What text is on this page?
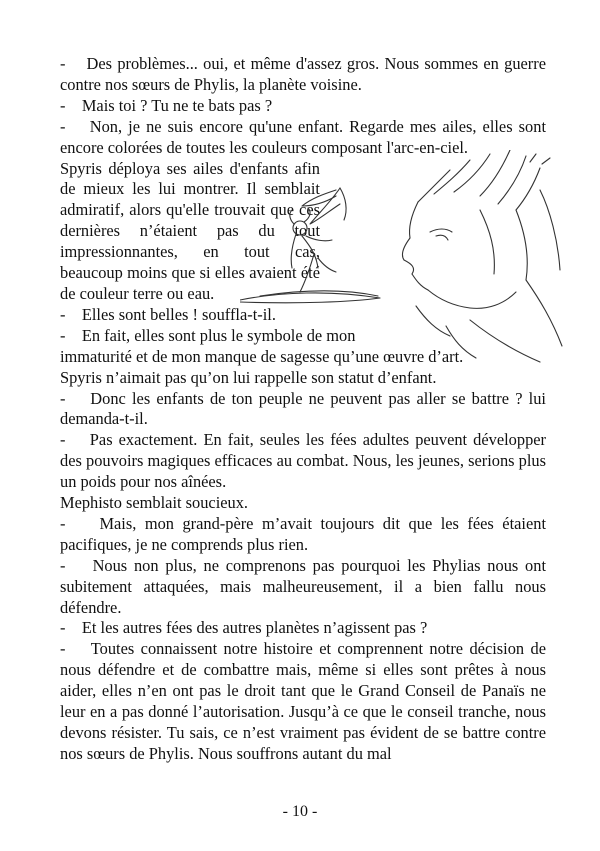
-    Des problèmes... oui, et même d'assez gros. Nous sommes en guerre contre nos sœurs de Phylis, la planète voisine.

-    Mais toi ? Tu ne te bats pas ?

-    Non, je ne suis encore qu'une enfant. Regarde mes ailes, elles sont encore colorées de toutes les couleurs composant l'arc-en-ciel.

Spyris déploya ses ailes d'enfants afin de mieux les lui montrer. Il semblait admiratif, alors qu'elle trouvait que ces dernières n’étaient pas du tout impressionnantes, en tout cas, beaucoup moins que si elles avaient été de couleur terre ou eau.

-    Elles sont belles ! souffla-t-il.

-    En fait, elles sont plus le symbole de mon

immaturité et de mon manque de sagesse qu’une œuvre d’art.

Spyris n’aimait pas qu’on lui rappelle son statut d’enfant.

-    Donc les enfants de ton peuple ne peuvent pas aller se battre ? lui demanda-t-il.

-    Pas exactement. En fait, seules les fées adultes peuvent développer des pouvoirs magiques efficaces au combat. Nous, les jeunes, serions plus un poids pour nos aînées.

Mephisto semblait soucieux.

-    Mais, mon grand-père m’avait toujours dit que les fées étaient pacifiques, je ne comprends plus rien.

-    Nous non plus, ne comprenons pas pourquoi les Phylias nous ont subitement attaquées, mais malheureusement, il a bien fallu nous défendre.

-    Et les autres fées des autres planètes n’agissent pas ?

-    Toutes connaissent notre histoire et comprennent notre décision de nous défendre et de combattre mais, même si elles sont prêtes à nous aider, elles n’en ont pas le droit tant que le Grand Conseil de Panaïs ne leur en a pas donné l’autorisation. Jusqu’à ce que le conseil tranche, nous devons résister. Tu sais, ce n’est vraiment pas évident de se battre contre nos sœurs de Phylis. Nous souffrons autant du mal

- 10 -
